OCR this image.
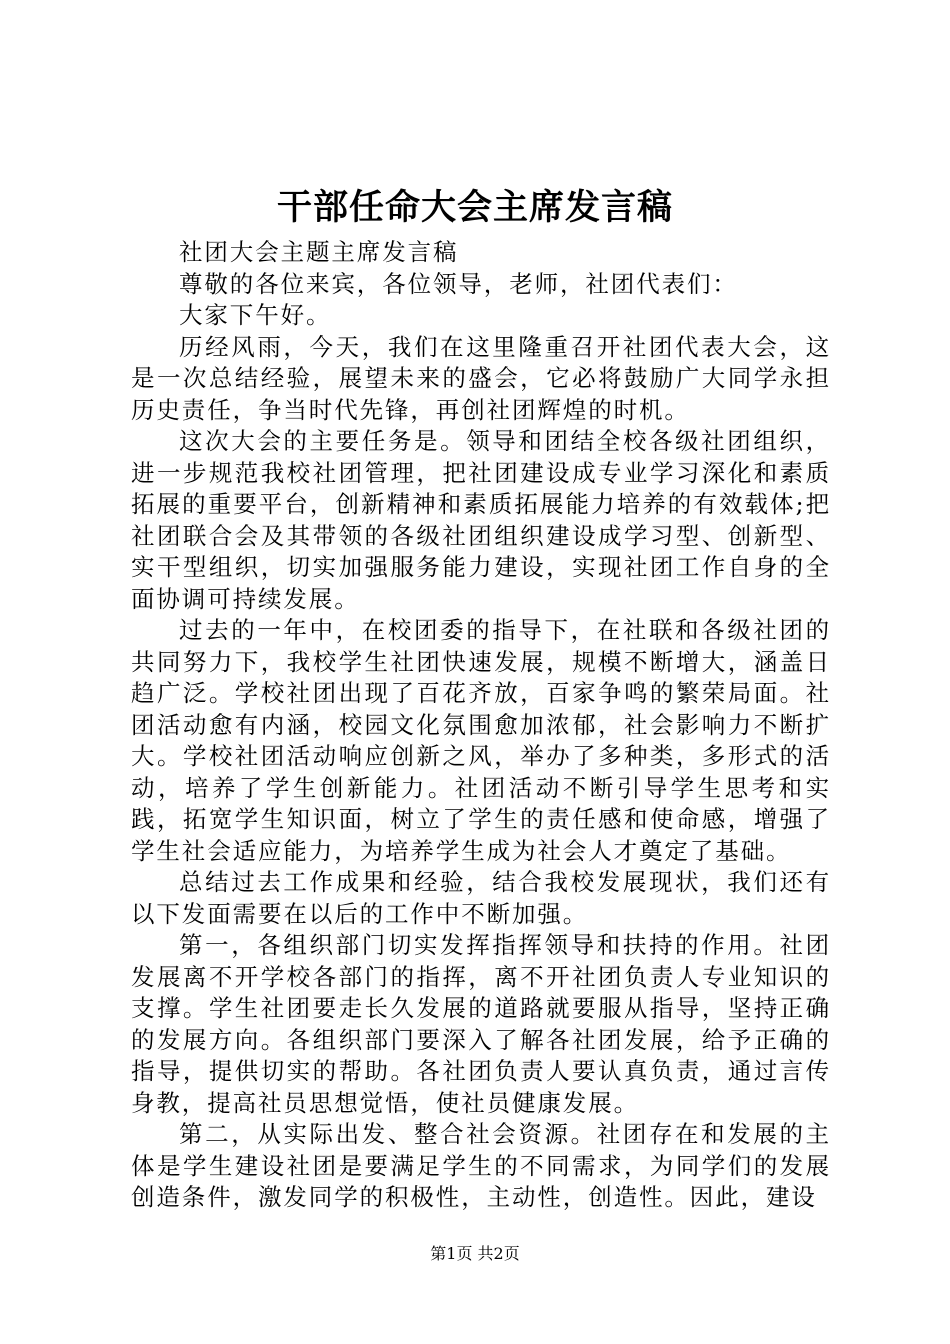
干部任命大会主席发言稿

社团大会主题主席发言稿

尊敬的各位来宾，各位领导，老师，社团代表们：

大家下午好。

历经风雨，今天，我们在这里隆重召开社团代表大会，这是一次总结经验，展望未来的盛会，它必将鼓励广大同学永担历史责任，争当时代先锋，再创社团辉煌的时机。

这次大会的主要任务是。领导和团结全校各级社团组织，进一步规范我校社团管理，把社团建设成专业学习深化和素质拓展的重要平台，创新精神和素质拓展能力培养的有效载体;把社团联合会及其带领的各级社团组织建设成学习型、创新型、实干型组织，切实加强服务能力建设，实现社团工作自身的全面协调可持续发展。

过去的一年中，在校团委的指导下，在社联和各级社团的共同努力下，我校学生社团快速发展，规模不断增大，涵盖日趋广泛。学校社团出现了百花齐放，百家争鸣的繁荣局面。社团活动愈有内涵，校园文化氛围愈加浓郁，社会影响力不断扩大。学校社团活动响应创新之风，举办了多种类，多形式的活动，培养了学生创新能力。社团活动不断引导学生思考和实践，拓宽学生知识面，树立了学生的责任感和使命感，增强了学生社会适应能力，为培养学生成为社会人才奠定了基础。

总结过去工作成果和经验，结合我校发展现状，我们还有以下发面需要在以后的工作中不断加强。

第一，各组织部门切实发挥指挥领导和扶持的作用。社团发展离不开学校各部门的指挥，离不开社团负责人专业知识的支撑。学生社团要走长久发展的道路就要服从指导，坚持正确的发展方向。各组织部门要深入了解各社团发展，给予正确的指导，提供切实的帮助。各社团负责人要认真负责，通过言传身教，提高社员思想觉悟，使社员健康发展。

第二，从实际出发、整合社会资源。社团存在和发展的主体是学生建设社团是要满足学生的不同需求，为同学们的发展创造条件，激发同学的积极性，主动性，创造性。因此，建设

第1页 共2页
